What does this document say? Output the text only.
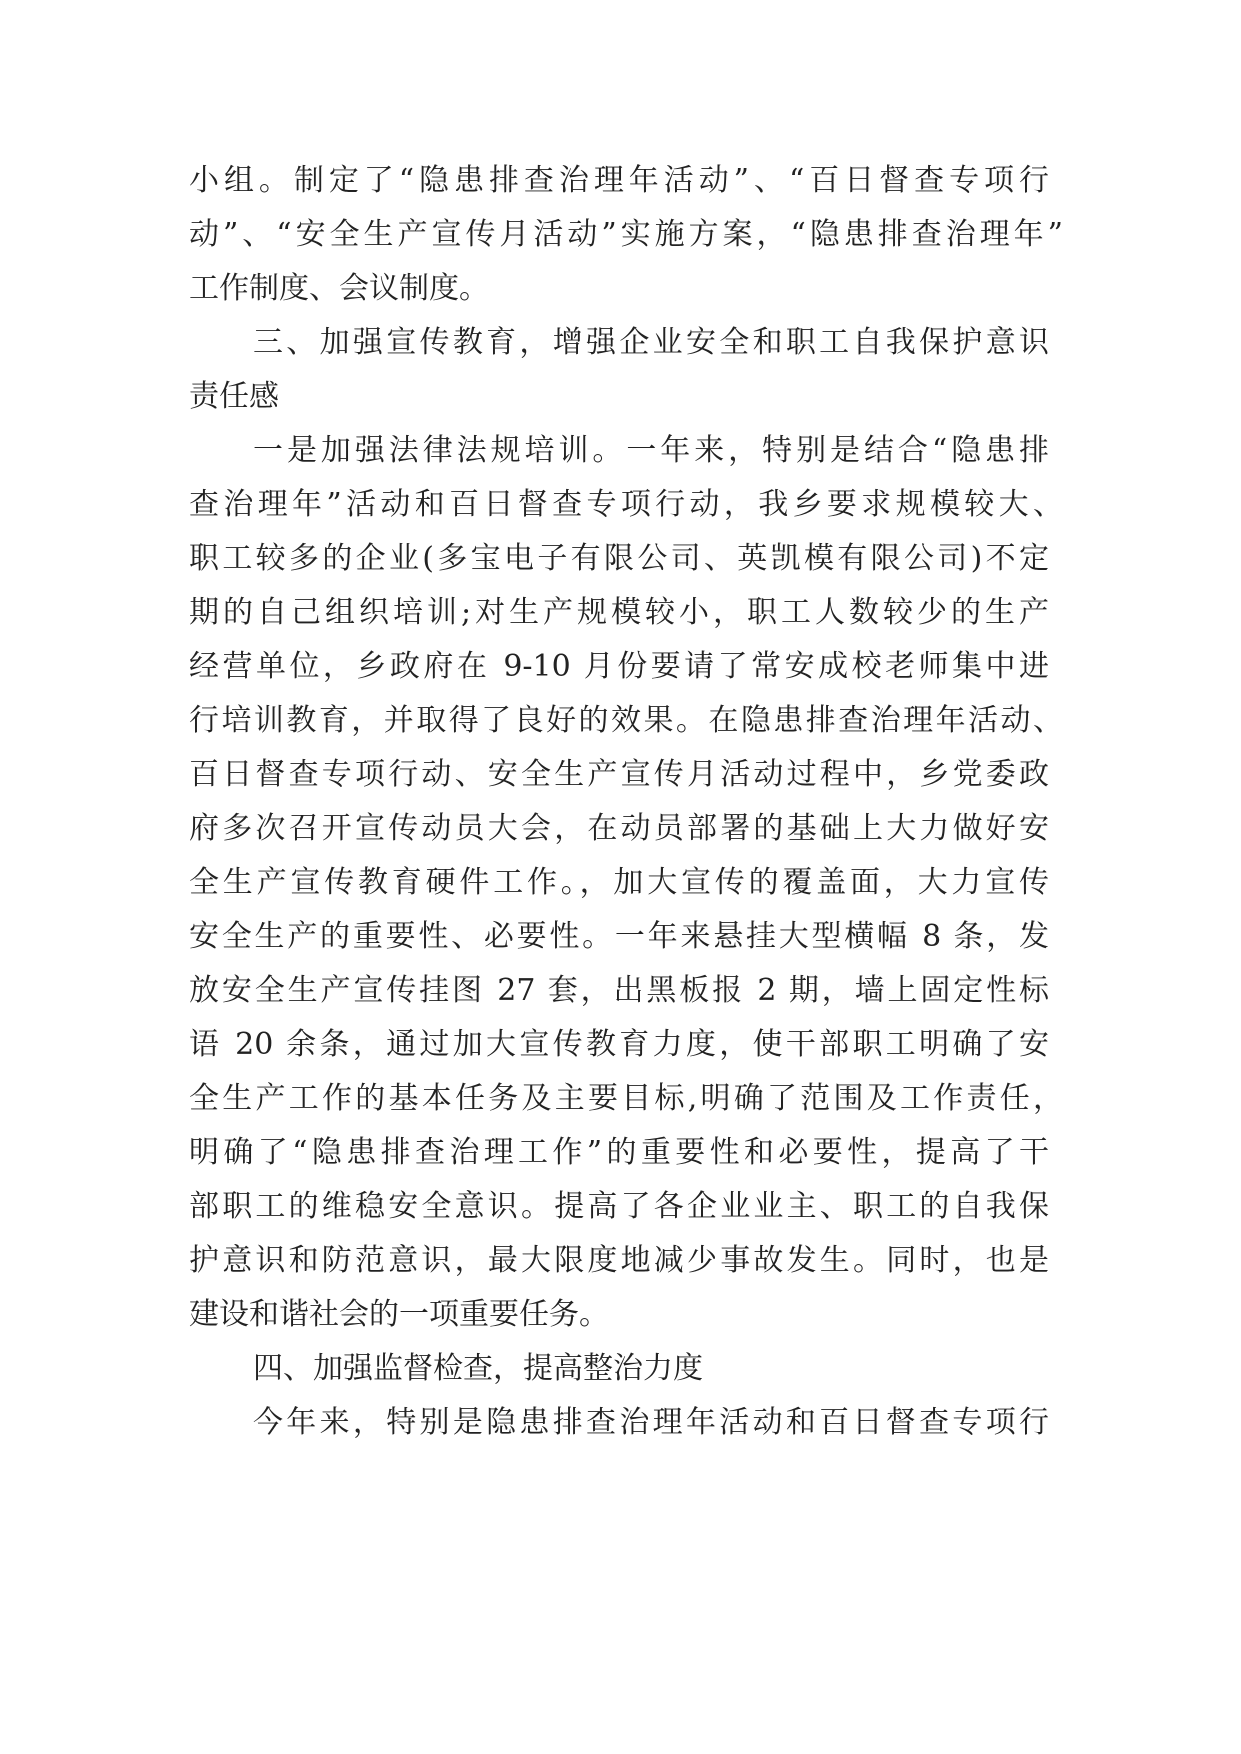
小组。制定了“隐患排查治理年活动”、“百日督查专项行
动”、“安全生产宣传月活动”实施方案，“隐患排查治理年”
工作制度、会议制度。
三、加强宣传教育，增强企业安全和职工自我保护意识
责任感
一是加强法律法规培训。一年来，特别是结合“隐患排
查治理年”活动和百日督查专项行动，我乡要求规模较大、
职工较多的企业(多宝电子有限公司、英凯模有限公司)不定
期的自己组织培训;对生产规模较小，职工人数较少的生产
经营单位，乡政府在 9-10 月份要请了常安成校老师集中进
行培训教育，并取得了良好的效果。在隐患排查治理年活动、
百日督查专项行动、安全生产宣传月活动过程中，乡党委政
府多次召开宣传动员大会，在动员部署的基础上大力做好安
全生产宣传教育硬件工作。，加大宣传的覆盖面，大力宣传
安全生产的重要性、必要性。一年来悬挂大型横幅 8 条，发
放安全生产宣传挂图 27 套，出黑板报 2 期，墙上固定性标
语 20 余条，通过加大宣传教育力度，使干部职工明确了安
全生产工作的基本任务及主要目标,明确了范围及工作责任，
明确了“隐患排查治理工作”的重要性和必要性，提高了干
部职工的维稳安全意识。提高了各企业业主、职工的自我保
护意识和防范意识，最大限度地减少事故发生。同时，也是
建设和谐社会的一项重要任务。
四、加强监督检查，提高整治力度
今年来，特别是隐患排查治理年活动和百日督查专项行
